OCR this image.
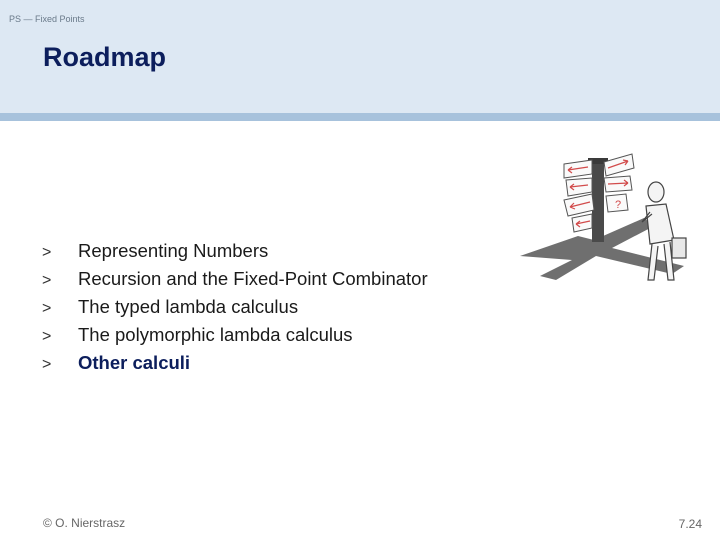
PS — Fixed Points
Roadmap
>	Representing Numbers
>	Recursion and the Fixed-Point Combinator
>	The typed lambda calculus
>	The polymorphic lambda calculus
>	Other calculi
?
© O. Nierstrasz	7.24
